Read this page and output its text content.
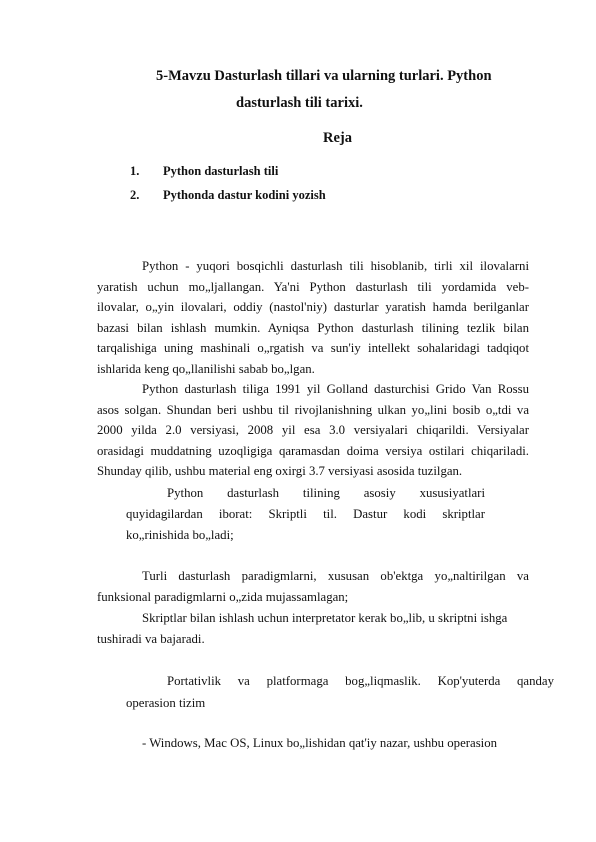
5-Mavzu Dasturlash tillari va ularning turlari. Python
dasturlash tili tarixi.
Reja
1. Python dasturlash tili
2. Pythonda dastur kodini yozish
Python - yuqori bosqichli dasturlash tili hisoblanib, tirli xil ilovalarni
yaratish uchun mo„ljallangan. Ya'ni Python dasturlash tili yordamida veb-
ilovalar, o„yin ilovalari, oddiy (nastol'niy) dasturlar yaratish hamda berilganlar
bazasi bilan ishlash mumkin. Ayniqsa Python dasturlash tilining tezlik bilan
tarqalishiga uning mashinali o„rgatish va sun'iy intellekt sohalaridagi tadqiqot
ishlarida keng qo„llanilishi sabab bo„lgan.
Python dasturlash tiliga 1991 yil Golland dasturchisi Grido Van Rossu
asos solgan. Shundan beri ushbu til rivojlanishning ulkan yo„lini bosib o„tdi va
2000 yilda 2.0 versiyasi, 2008 yil esa 3.0 versiyalari chiqarildi. Versiyalar
orasidagi muddatning uzoqligiga qaramasdan doima versiya ostilari chiqariladi.
Shunday qilib, ushbu material eng oxirgi 3.7 versiyasi asosida tuzilgan.
Python dasturlash tilining asosiy xususiyatlari
quyidagilardan iborat: Skriptli til. Dastur kodi skriptlar
ko„rinishida bo„ladi;
Turli dasturlash paradigmlarni, xususan ob'ektga yo„naltirilgan va
funksional paradigmlarni o„zida mujassamlagan;
Skriptlar bilan ishlash uchun interpretator kerak bo„lib, u skriptni ishga
tushiradi va bajaradi.
Portativlik va platformaga bog„liqmaslik. Kop'yuterda qanday
operasion tizim
- Windows, Mac OS, Linux bo„lishidan qat'iy nazar, ushbu operasion
